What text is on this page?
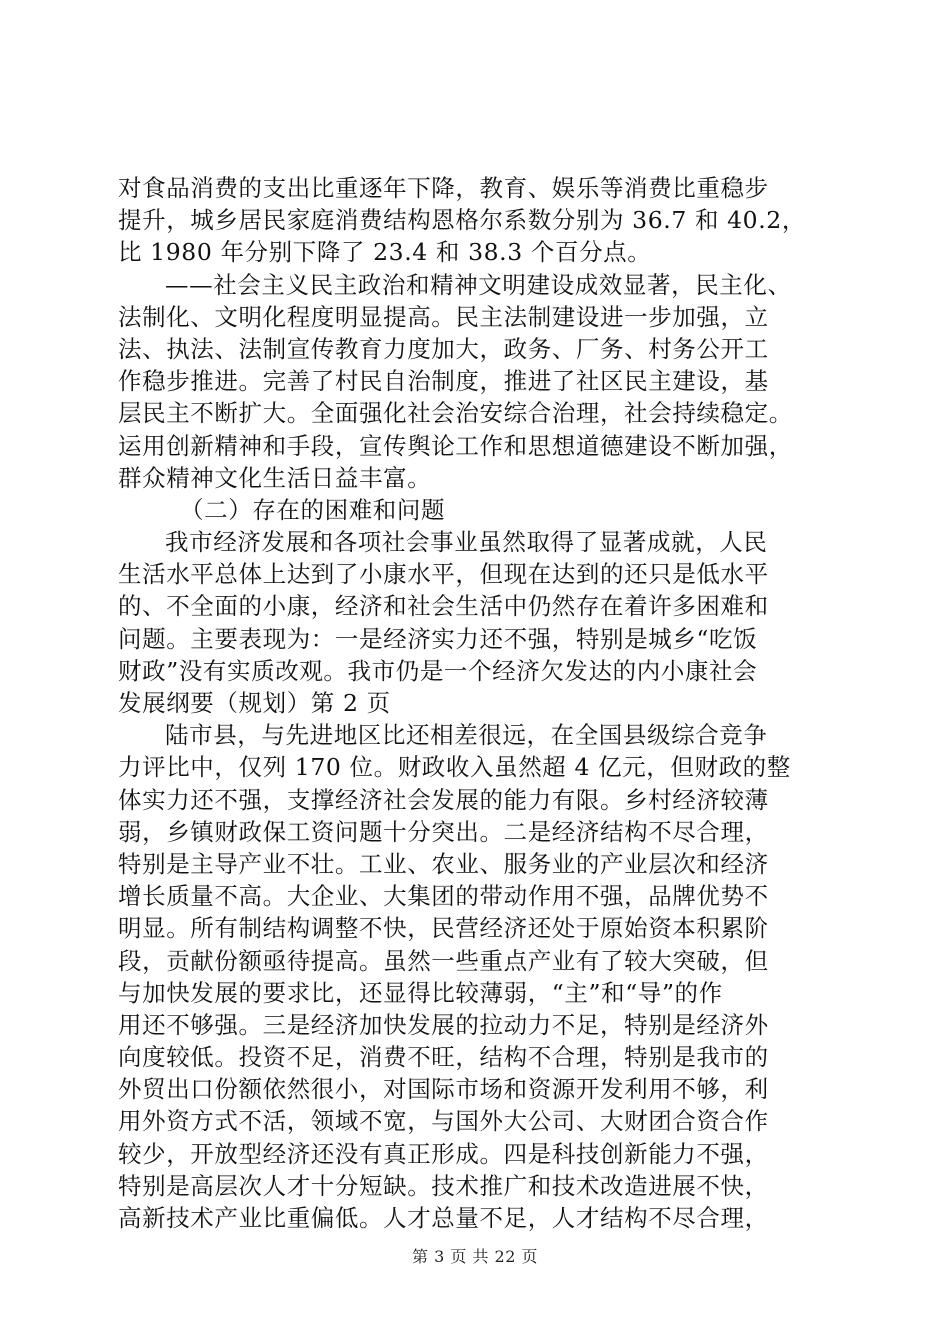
对食品消费的支出比重逐年下降，教育、娱乐等消费比重稳步
提升，城乡居民家庭消费结构恩格尔系数分别为 36.7 和 40.2，
比 1980 年分别下降了 23.4 和 38.3 个百分点。
——社会主义民主政治和精神文明建设成效显著，民主化、
法制化、文明化程度明显提高。民主法制建设进一步加强，立
法、执法、法制宣传教育力度加大，政务、厂务、村务公开工
作稳步推进。完善了村民自治制度，推进了社区民主建设，基
层民主不断扩大。全面强化社会治安综合治理，社会持续稳定。
运用创新精神和手段，宣传舆论工作和思想道德建设不断加强，
群众精神文化生活日益丰富。
（二）存在的困难和问题
我市经济发展和各项社会事业虽然取得了显著成就，人民
生活水平总体上达到了小康水平，但现在达到的还只是低水平
的、不全面的小康，经济和社会生活中仍然存在着许多困难和
问题。主要表现为：一是经济实力还不强，特别是城乡“吃饭
财政”没有实质改观。我市仍是一个经济欠发达的内小康社会
发展纲要（规划）第 2 页
陆市县，与先进地区比还相差很远，在全国县级综合竞争
力评比中，仅列 170 位。财政收入虽然超 4 亿元，但财政的整
体实力还不强，支撑经济社会发展的能力有限。乡村经济较薄
弱，乡镇财政保工资问题十分突出。二是经济结构不尽合理，
特别是主导产业不壮。工业、农业、服务业的产业层次和经济
增长质量不高。大企业、大集团的带动作用不强，品牌优势不
明显。所有制结构调整不快，民营经济还处于原始资本积累阶
段，贡献份额亟待提高。虽然一些重点产业有了较大突破，但
与加快发展的要求比，还显得比较薄弱，“主”和“导”的作
用还不够强。三是经济加快发展的拉动力不足，特别是经济外
向度较低。投资不足，消费不旺，结构不合理，特别是我市的
外贸出口份额依然很小，对国际市场和资源开发利用不够，利
用外资方式不活，领域不宽，与国外大公司、大财团合资合作
较少，开放型经济还没有真正形成。四是科技创新能力不强，
特别是高层次人才十分短缺。技术推广和技术改造进展不快，
高新技术产业比重偏低。人才总量不足，人才结构不尽合理，
第 3 页 共 22 页
